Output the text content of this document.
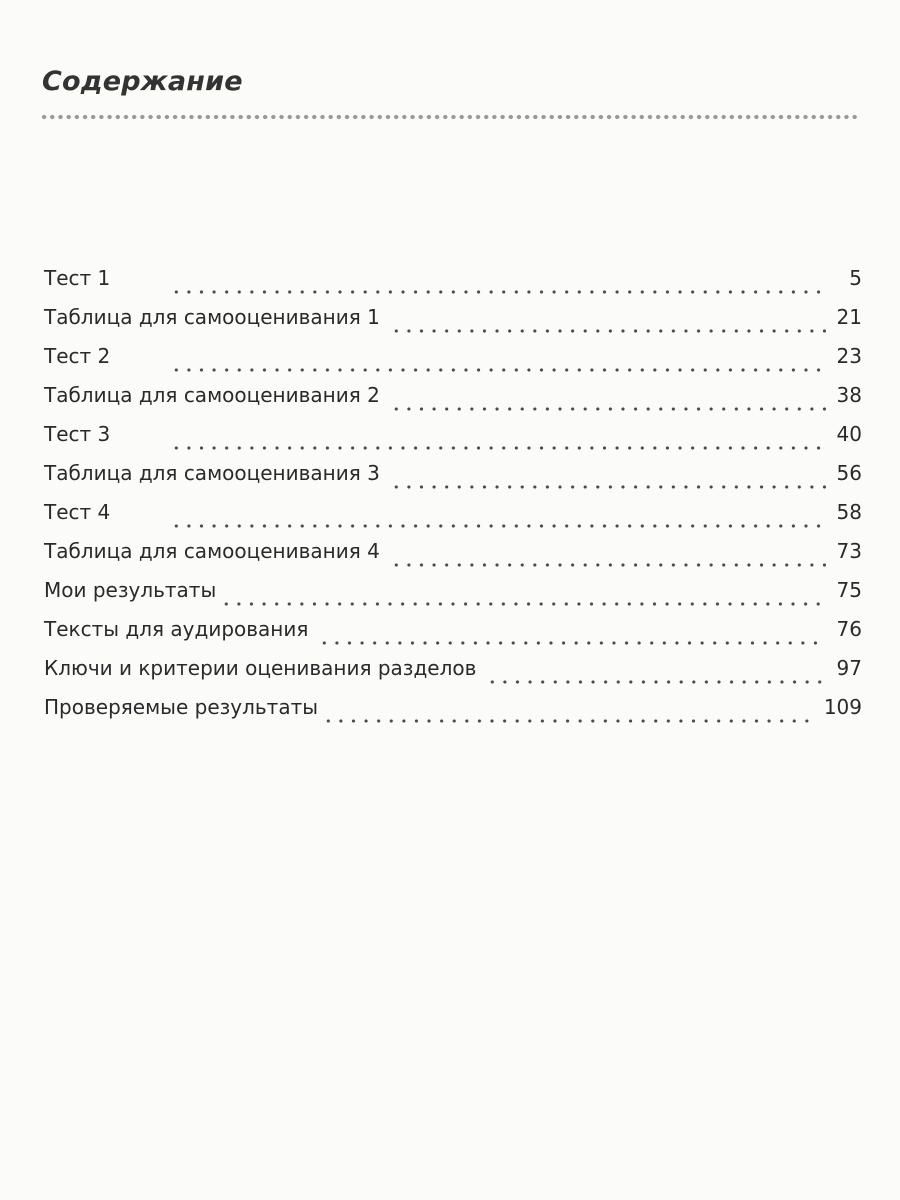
Содержание
Тест 1	5
Таблица для самооценивания 1	21
Тест 2	23
Таблица для самооценивания 2	38
Тест 3	40
Таблица для самооценивания 3	56
Тест 4	58
Таблица для самооценивания 4	73
Мои результаты	75
Тексты для аудирования	76
Ключи и критерии оценивания разделов	97
Проверяемые результаты	109
